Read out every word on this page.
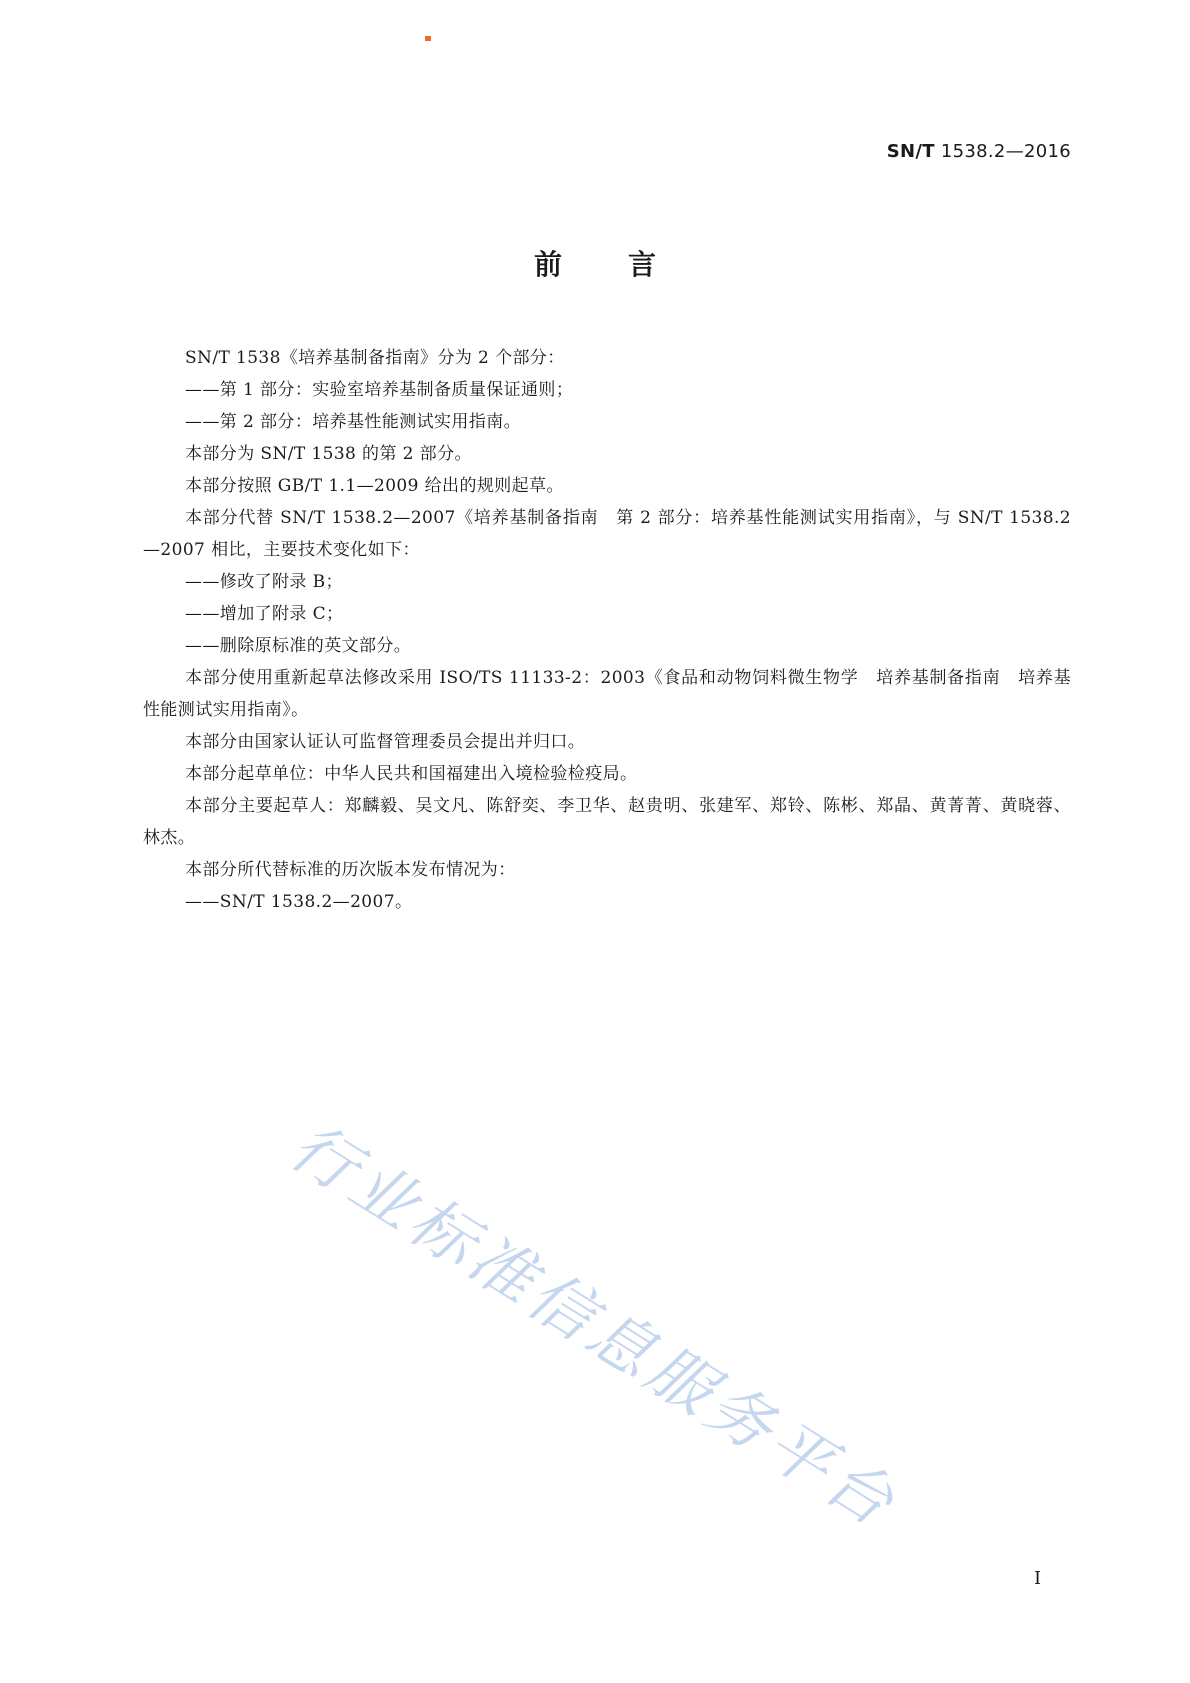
SN/T 1538.2—2016
前言

SN/T 1538《培养基制备指南》分为 2 个部分：

——第 1 部分：实验室培养基制备质量保证通则；

——第 2 部分：培养基性能测试实用指南。

本部分为 SN/T 1538 的第 2 部分。

本部分按照 GB/T 1.1—2009 给出的规则起草。

本部分代替 SN/T 1538.2—2007《培养基制备指南　第 2 部分：培养基性能测试实用指南》，与 SN/T 1538.2—2007 相比，主要技术变化如下：

——修改了附录 B；

——增加了附录 C；

——删除原标准的英文部分。

本部分使用重新起草法修改采用 ISO/TS 11133-2：2003《食品和动物饲料微生物学　培养基制备指南　培养基性能测试实用指南》。

本部分由国家认证认可监督管理委员会提出并归口。

本部分起草单位：中华人民共和国福建出入境检验检疫局。

本部分主要起草人：郑麟毅、吴文凡、陈舒奕、李卫华、赵贵明、张建军、郑铃、陈彬、郑晶、黄菁菁、黄晓蓉、林杰。

本部分所代替标准的历次版本发布情况为：

——SN/T 1538.2—2007。

行业标准信息服务平台
I
